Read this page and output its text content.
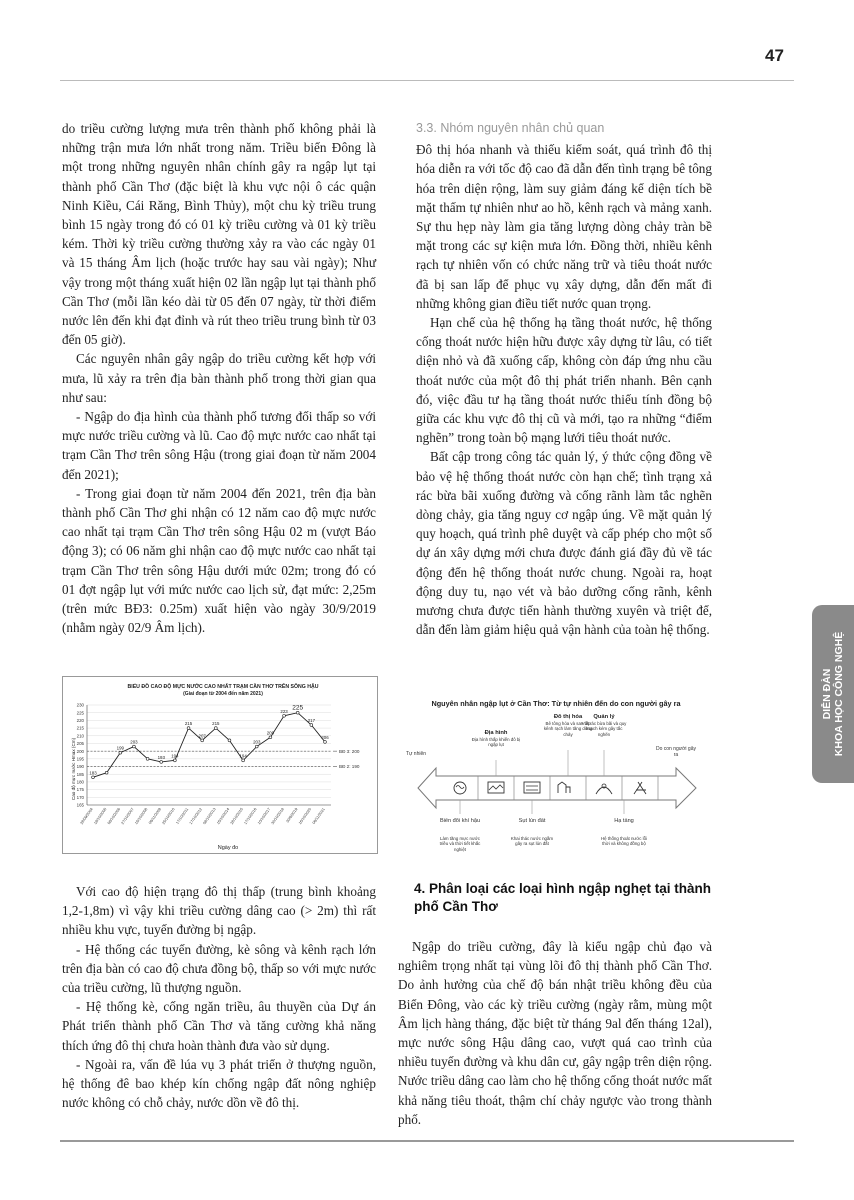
47

do triều cường lượng mưa trên thành phố không phải là những trận mưa lớn nhất trong năm. Triều biển Đông là một trong những nguyên nhân chính gây ra ngập lụt tại thành phố Cần Thơ (đặc biệt là khu vực nội ô các quận Ninh Kiều, Cái Răng, Bình Thủy), một chu kỳ triều trung bình 15 ngày trong đó có 01 kỳ triều cường và 01 kỳ triều kém. Thời kỳ triều cường thường xảy ra vào các ngày 01 và 15 tháng Âm lịch (hoặc trước hay sau vài ngày); Như vậy trong một tháng xuất hiện 02 lần ngập lụt tại thành phố Cần Thơ (mỗi lần kéo dài từ 05 đến 07 ngày, từ thời điểm nước lên đến khi đạt đỉnh và rút theo triều trung bình từ 03 đến 05 giờ).

Các nguyên nhân gây ngập do triều cường kết hợp với mưa, lũ xảy ra trên địa bàn thành phố trong thời gian qua như sau:

- Ngập do địa hình của thành phố tương đối thấp so với mực nước triều cường và lũ. Cao độ mực nước cao nhất tại trạm Cần Thơ trên sông Hậu (trong giai đoạn từ năm 2004 đến 2021);

- Trong giai đoạn từ năm 2004 đến 2021, trên địa bàn thành phố Cần Thơ ghi nhận có 12 năm cao độ mực nước cao nhất tại trạm Cần Thơ trên sông Hậu 02 m (vượt Báo động 3); có 06 năm ghi nhận cao độ mực nước cao nhất tại trạm Cần Thơ trên sông Hậu dưới mức 02m; trong đó có 01 đợt ngập lụt với mức nước cao lịch sử, đạt mức: 2,25m (trên mức BĐ3: 0.25m) xuất hiện vào ngày 30/9/2019 (nhằm ngày 02/9 Âm lịch).

BIỂU ĐỒ CAO ĐỘ MỰC NƯỚC CAO NHẤT TRẠM CẦN THƠ TRÊN SÔNG HẬU
(Giai đoạn từ 2004 đến năm 2021)
Ngày đo
Cao độ mực nước Hmax (Cm)
165
170
175
180
185
190
195
200
205
210
215
220
225
230
BĐ 3: 200
BĐ 2: 190
183
28/09/2004 18/10/2005
199
08/10/2006
203
27/10/2007 16/10/2008
193
06/11/2009
194
25/10/2010
215
17/10/2011
207
17/10/2012
215
08/10/2013 15/10/2014
194
28/10/2015
203
17/10/2016
209
10/10/2017
223
30/10/2018
225
30/9/2019
217
16/10/2020
206
06/11/2021

Với cao độ hiện trạng đô thị thấp (trung bình khoảng 1,2-1,8m) vì vậy khi triều cường dâng cao (> 2m) thì rất nhiều khu vực, tuyến đường bị ngập.

- Hệ thống các tuyến đường, kè sông và kênh rạch lớn trên địa bàn có cao độ chưa đồng bộ, thấp so với mực nước của triều cường, lũ thượng nguồn.

- Hệ thống kè, cống ngăn triều, âu thuyền của Dự án Phát triển thành phố Cần Thơ và tăng cường khả năng thích ứng đô thị chưa hoàn thành đưa vào sử dụng.

- Ngoài ra, vấn đề lúa vụ 3 phát triển ở thượng nguồn, hệ thống đê bao khép kín chống ngập đất nông nghiệp nước không có chỗ chảy, nước dồn về đô thị.

3.3. Nhóm nguyên nhân chủ quan

Đô thị hóa nhanh và thiếu kiểm soát, quá trình đô thị hóa diễn ra với tốc độ cao đã dẫn đến tình trạng bê tông hóa trên diện rộng, làm suy giảm đáng kể diện tích bề mặt thấm tự nhiên như ao hồ, kênh rạch và mảng xanh. Sự thu hẹp này làm gia tăng lượng dòng chảy tràn bề mặt trong các sự kiện mưa lớn. Đồng thời, nhiều kênh rạch tự nhiên vốn có chức năng trữ và tiêu thoát nước đã bị san lấp để phục vụ xây dựng, dẫn đến mất đi những không gian điều tiết nước quan trọng.

Hạn chế của hệ thống hạ tầng thoát nước, hệ thống cống thoát nước hiện hữu được xây dựng từ lâu, có tiết diện nhỏ và đã xuống cấp, không còn đáp ứng nhu cầu thoát nước của một đô thị phát triển nhanh. Bên cạnh đó, việc đầu tư hạ tầng thoát nước thiếu tính đồng bộ giữa các khu vực đô thị cũ và mới, tạo ra những “điểm nghẽn” trong toàn bộ mạng lưới tiêu thoát nước.

Bất cập trong công tác quản lý, ý thức cộng đồng về bảo vệ hệ thống thoát nước còn hạn chế; tình trạng xả rác bừa bãi xuống đường và cống rãnh làm tắc nghẽn dòng chảy, gia tăng nguy cơ ngập úng. Về mặt quản lý quy hoạch, quá trình phê duyệt và cấp phép cho một số dự án xây dựng mới chưa được đánh giá đầy đủ về tác động đến hệ thống thoát nước chung. Ngoài ra, hoạt động duy tu, nạo vét và bảo dưỡng cống rãnh, kênh mương chưa được tiến hành thường xuyên và triệt để, dẫn đến làm giảm hiệu quả vận hành của toàn hệ thống.

Nguyên nhân ngập lụt ở Cần Thơ: Từ tự nhiên đến do con người gây ra
Tự nhiên
Địa hình
Địa hình thấp khiến đô bị ngập lụt
Đô thị hóa
Bê tông hóa và san lấp kênh rạch làm tăng dòng chảy
Quản lý
Vứt rác bừa bãi và quy hoạch kém gây tắc nghẽn
Biến đổi khí hậu
Làm tăng mực nước triều và thời tiết khắc nghiệt
Sụt lún đất
Khai thác nước ngầm gây ra sụt lún đất
Hạ tầng
Hệ thống thoát nước lỗi thời và không đồng bộ
Do con người gây ra
4. Phân loại các loại hình ngập nghẹt tại thành phố Cần Thơ

Ngập do triều cường, đây là kiểu ngập chủ đạo và nghiêm trọng nhất tại vùng lõi đô thị thành phố Cần Thơ. Do ảnh hưởng của chế độ bán nhật triều không đều của Biển Đông, vào các kỳ triều cường (ngày rằm, mùng một Âm lịch hàng tháng, đặc biệt từ tháng 9al đến tháng 12al), mực nước sông Hậu dâng cao, vượt quá cao trình của nhiều tuyến đường và khu dân cư, gây ngập trên diện rộng. Nước triều dâng cao làm cho hệ thống cống thoát nước mất khả năng tiêu thoát, thậm chí chảy ngược vào trong thành phố.

DIỄN ĐÀN
KHOA HỌC CÔNG NGHỆ
